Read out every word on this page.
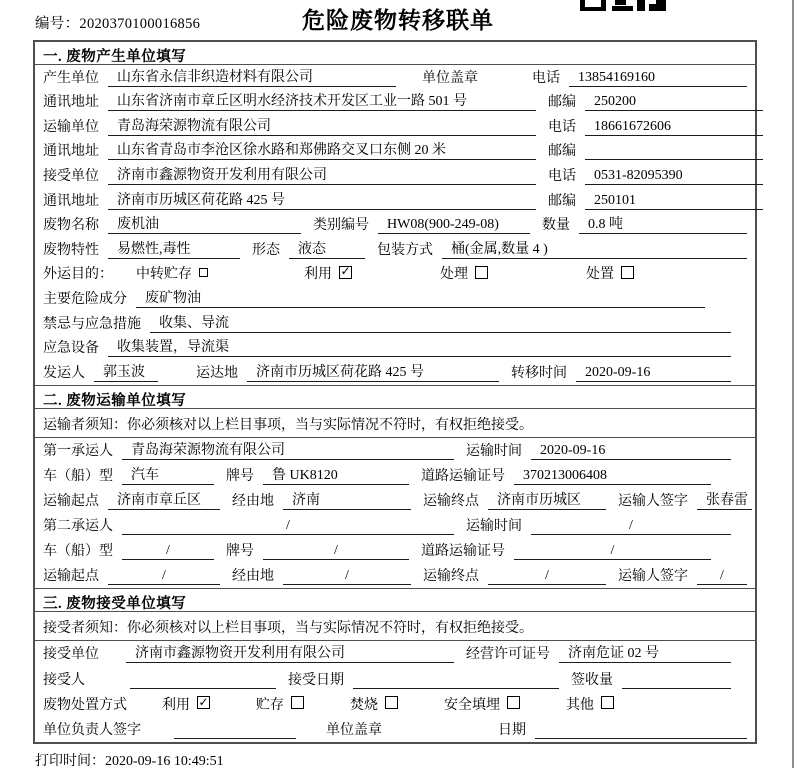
编号：2020370100016856	危险废物转移联单
一. 废物产生单位填写
产生单位	山东省永信非织造材料有限公司	单位盖章	电话	13854169160
通讯地址	山东省济南市章丘区明水经济技术开发区工业一路 501 号	邮编	250200
运输单位	青岛海荣源物流有限公司	电话	18661672606
通讯地址	山东省青岛市李沧区徐水路和郑佛路交叉口东侧 20 米	邮编
接受单位	济南市鑫源物资开发利用有限公司	电话	0531-82095390
通讯地址	济南市历城区荷花路 425 号	邮编	250101
废物名称	废机油	类别编号	HW08(900-249-08)	数量	0.8 吨
废物特性	易燃性,毒性	形态	液态	包装方式	桶(金属,数量 4 )
外运目的： 中转贮存	利用 ✓	处理	处置
主要危险成分	废矿物油
禁忌与应急措施	收集、导流
应急设备	收集装置，导流渠
发运人	郭玉波	运达地	济南市历城区荷花路 425 号	转移时间	2020-09-16
二. 废物运输单位填写
运输者须知：你必须核对以上栏目事项，当与实际情况不符时，有权拒绝接受。
第一承运人	青岛海荣源物流有限公司	运输时间	2020-09-16
车（船）型	汽车	牌号	鲁 UK8120	道路运输证号	370213006408
运输起点	济南市章丘区 经由地	济南	运输终点	济南市历城区	运输人签字	张春雷
第二承运人	/	运输时间	/
车（船）型	/	牌号	/	道路运输证号	/
运输起点	/	经由地	/	运输终点	/	运输人签字 /
三. 废物接受单位填写
接受者须知：你必须核对以上栏目事项，当与实际情况不符时，有权拒绝接受。
接受单位	济南市鑫源物资开发利用有限公司	经营许可证号	济南危证 02 号
接受人	接受日期	签收量
废物处置方式	利用 ✓	贮存	焚烧	安全填埋	其他
单位负责人签字	单位盖章	日期
打印时间：2020-09-16 10:49:51
